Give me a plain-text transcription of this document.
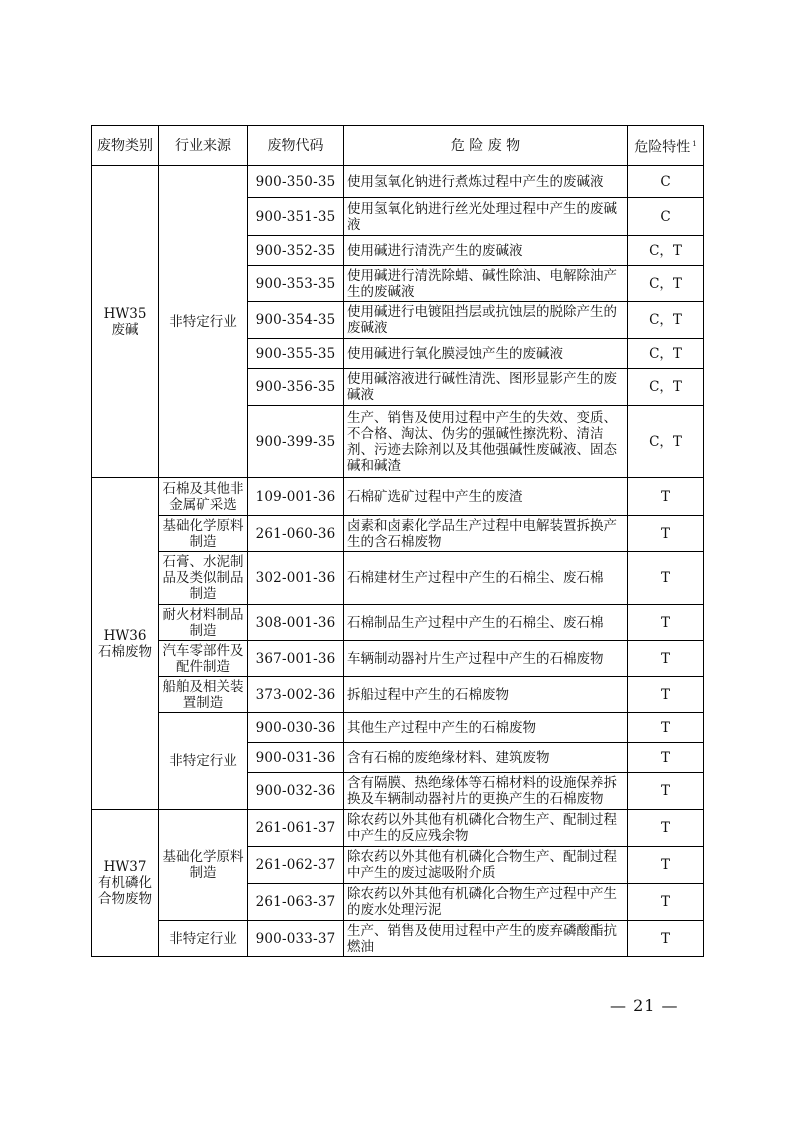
废物类别	行业来源	废物代码	危 险 废 物	危险特性 $^1$

HW35
废碱	非特定行业	900-350-35	使用氢氧化钠进行煮炼过程中产生的废碱液	C
		900-351-35	使用氢氧化钠进行丝光处理过程中产生的废碱液	C
		900-352-35	使用碱进行清洗产生的废碱液	C，T
		900-353-35	使用碱进行清洗除蜡、碱性除油、电解除油产生的废碱液	C，T
		900-354-35	使用碱进行电镀阻挡层或抗蚀层的脱除产生的废碱液	C，T
		900-355-35	使用碱进行氧化膜浸蚀产生的废碱液	C，T
		900-356-35	使用碱溶液进行碱性清洗、图形显影产生的废碱液	C，T
		900-399-35	生产、销售及使用过程中产生的失效、变质、不合格、淘汰、伪劣的强碱性擦洗粉、清洁剂、污迹去除剂以及其他强碱性废碱液、固态碱和碱渣	C，T

HW36
石棉废物	石棉及其他非金属矿采选	109-001-36	石棉矿选矿过程中产生的废渣	T
	基础化学原料制造	261-060-36	卤素和卤素化学品生产过程中电解装置拆换产生的含石棉废物	T
	石膏、水泥制品及类似制品制造	302-001-36	石棉建材生产过程中产生的石棉尘、废石棉	T
	耐火材料制品制造	308-001-36	石棉制品生产过程中产生的石棉尘、废石棉	T
	汽车零部件及配件制造	367-001-36	车辆制动器衬片生产过程中产生的石棉废物	T
	船舶及相关装置制造	373-002-36	拆船过程中产生的石棉废物	T
	非特定行业	900-030-36	其他生产过程中产生的石棉废物	T
		900-031-36	含有石棉的废绝缘材料、建筑废物	T
		900-032-36	含有隔膜、热绝缘体等石棉材料的设施保养拆换及车辆制动器衬片的更换产生的石棉废物	T

HW37
有机磷化合物废物	基础化学原料制造	261-061-37	除农药以外其他有机磷化合物生产、配制过程中产生的反应残余物	T
		261-062-37	除农药以外其他有机磷化合物生产、配制过程中产生的废过滤吸附介质	T
		261-063-37	除农药以外其他有机磷化合物生产过程中产生的废水处理污泥	T
	非特定行业	900-033-37	生产、销售及使用过程中产生的废弃磷酸酯抗燃油	T
— 21 —
